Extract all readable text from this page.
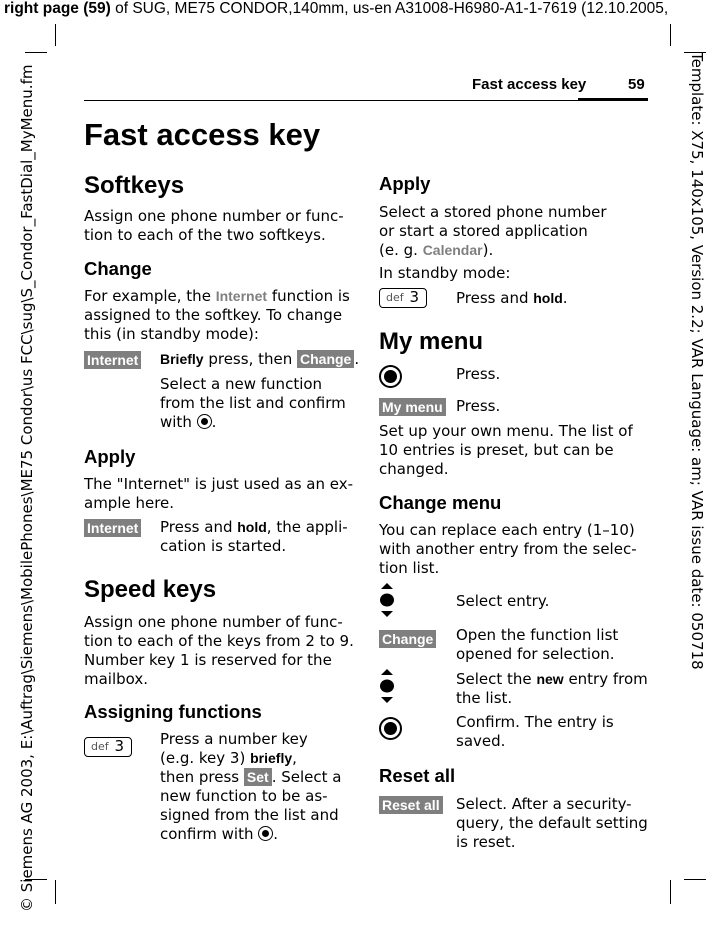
right page (59) of SUG, ME75 CONDOR,140mm, us-en A31008-H6980-A1-1-7619 (12.10.2005,
© Siemens AG 2003, E:\Auftrag\Siemens\MobilePhones\ME75 Condor\us FCC\sug\S_Condor_FastDial_MyMenu.fm	Template: X75, 140x105, Version 2.2; VAR Language: am; VAR issue date: 050718
Fast access key	59
Fast access key
Softkeys
Assign one phone number or func-
tion to each of the two softkeys.
Change
For example, the Internet function is
assigned to the softkey. To change
this (in standby mode):
Internet Briefly press, then Change .
Select a new function
from the list and confirm
with .
Apply
The "Internet" is just used as an ex-
ample here.
Internet Press and hold, the appli-
cation is started.
Speed keys
Assign one phone number of func-
tion to each of the keys from 2 to 9.
Number key 1 is reserved for the
mailbox.
Assigning functions
def 3 Press a number key
(e.g. key 3) briefly,
then press Set . Select a
new function to be as-
signed from the list and
confirm with .
Apply
Select a stored phone number
or start a stored application
(e. g. Calendar).
In standby mode:
def 3 Press and hold.
My menu
Press.
My menu Press.
Set up your own menu. The list of
10 entries is preset, but can be
changed.
Change menu
You can replace each entry (1–10)
with another entry from the selec-
tion list.
Select entry.
Change Open the function list
opened for selection.
Select the new entry from
the list.
Confirm. The entry is
saved.
Reset all
Reset all Select. After a security-
query, the default setting
is reset.
